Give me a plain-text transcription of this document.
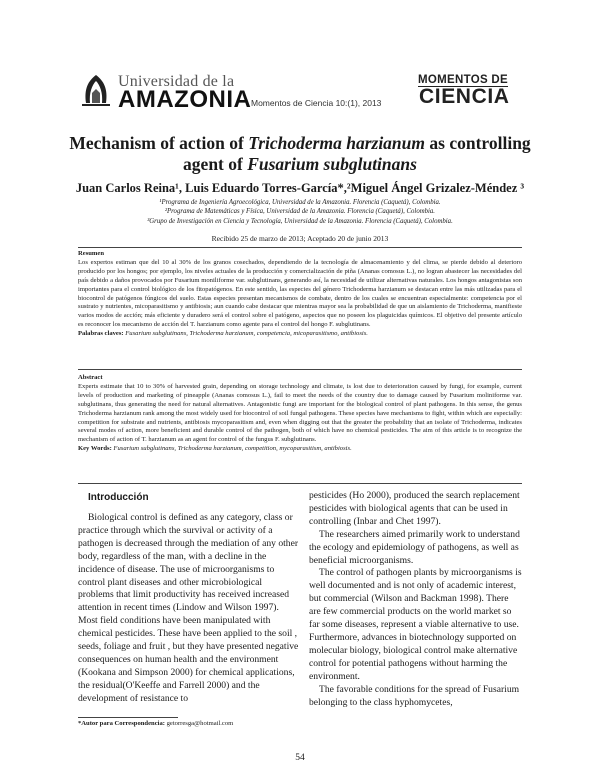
Universidad de la
AMAZONIA Momentos de Ciencia 10:(1), 2013
MOMENTOS DE
CIENCIA
Mechanism of action of Trichoderma harzianum as controlling agent of Fusarium subglutinans
Juan Carlos Reina¹, Luis Eduardo Torres-García*,²Miguel Ángel Grizalez-Méndez ³
¹Programa de Ingeniería Agroecológica, Universidad de la Amazonia. Florencia (Caquetá), Colombia.
²Programa de Matemáticas y Física, Universidad de la Amazonia. Florencia (Caquetá), Colombia.
³Grupo de Investigación en Ciencia y Tecnología, Universidad de la Amazonia. Florencia (Caquetá), Colombia.
Recibido 25 de marzo de 2013; Aceptado 20 de junio 2013
Resumen
Los expertos estiman que del 10 al 30% de los granos cosechados, dependiendo de la tecnología de almacenamiento y del clima, se pierde debido al deterioro producido por los hongos; por ejemplo, los niveles actuales de la producción y comercialización de piña (Ananas comosus L.), no logran abastecer las necesidades del país debido a daños provocados por Fusarium moniliforme var. subglutinans, generando así, la necesidad de utilizar alternativas naturales. Los hongos antagonistas son importantes para el control biológico de los fitopatógenos. En este sentido, las especies del género Trichoderma harzianum se destacan entre las más utilizadas para el biocontrol de patógenos fúngicos del suelo. Estas especies presentan mecanismos de combate, dentro de los cuales se encuentran especialmente: competencia por el sustrato y nutrientes, micoparasitismo y antibiosis; aun cuando cabe destacar que mientras mayor sea la probabilidad de que un aislamiento de Trichoderma, manifieste varios modos de acción; más eficiente y duradero será el control sobre el patógeno, aspectos que no poseen los plaguicidas químicos. El objetivo del presente artículo es reconocer los mecanismo de acción del T. harzianum como agente para el control del hongo F. subglutinans.
Palabras claves: Fusarium subglutinans, Trichoderma harzianum, competencia, micoparasitismo, antibiosis.
Abstract
Experts estimate that 10 to 30% of harvested grain, depending on storage technology and climate, is lost due to deterioration caused by fungi, for example, current levels of production and marketing of pineapple (Ananas comosus L.), fail to meet the needs of the country due to damage caused by Fusarium moliniforme var. subglutinans, thus generating the need for natural alternatives. Antagonistic fungi are important for the biological control of plant pathogens. In this sense, the genus Trichoderma harzianum rank among the most widely used for biocontrol of soil fungal pathogens. These species have mechanisms to fight, within which are especially: competition for substrate and nutrients, antibiosis mycoparasitism and, even when digging out that the greater the probability that an isolate of Trichoderma, indicates several modes of action, more beneficient and durable control of the pathogen, both of which have no chemical pesticides. The aim of this article is to recognize the mechanism of action of T. harzianum as an agent for control of the fungus F. subglutinans.
Key Words: Fusarium subglutinans, Trichoderma harzianum, competition, mycoparasitism, antibiosis.
Introducción

Biological control is defined as any category, class or practice through which the survival or activity of a pathogen is decreased through the mediation of any other body, regardless of the man, with a decline in the incidence of disease. The use of microorganisms to control plant diseases and other microbiological problems that limit productivity has received increased attention in recent times (Lindow and Wilson 1997). Most field conditions have been manipulated with chemical pesticides. These have been applied to the soil , seeds, foliage and fruit , but they have presented negative consequences on human health and the environment (Kookana and Simpson 2000) for chemical applications, the residual(O'Keeffe and Farrell 2000) and the development of resistance to

pesticides (Ho 2000), produced the search replacement pesticides with biological agents that can be used in controlling (Inbar and Chet 1997).

The researchers aimed primarily work to understand the ecology and epidemiology of pathogens, as well as beneficial microorganisms.

The control of pathogen plants by microorganisms is well documented and is not only of academic interest, but commercial (Wilson and Backman 1998). There are few commercial products on the world market so far some diseases, represent a viable alternative to use. Furthermore, advances in biotechnology supported on molecular biology, biological control make alternative control for potential pathogens without harming the environment.

The favorable conditions for the spread of Fusarium belonging to the class hyphomycetes,

*Autor para Correspondencia: getorresga@hotmail.com
54
